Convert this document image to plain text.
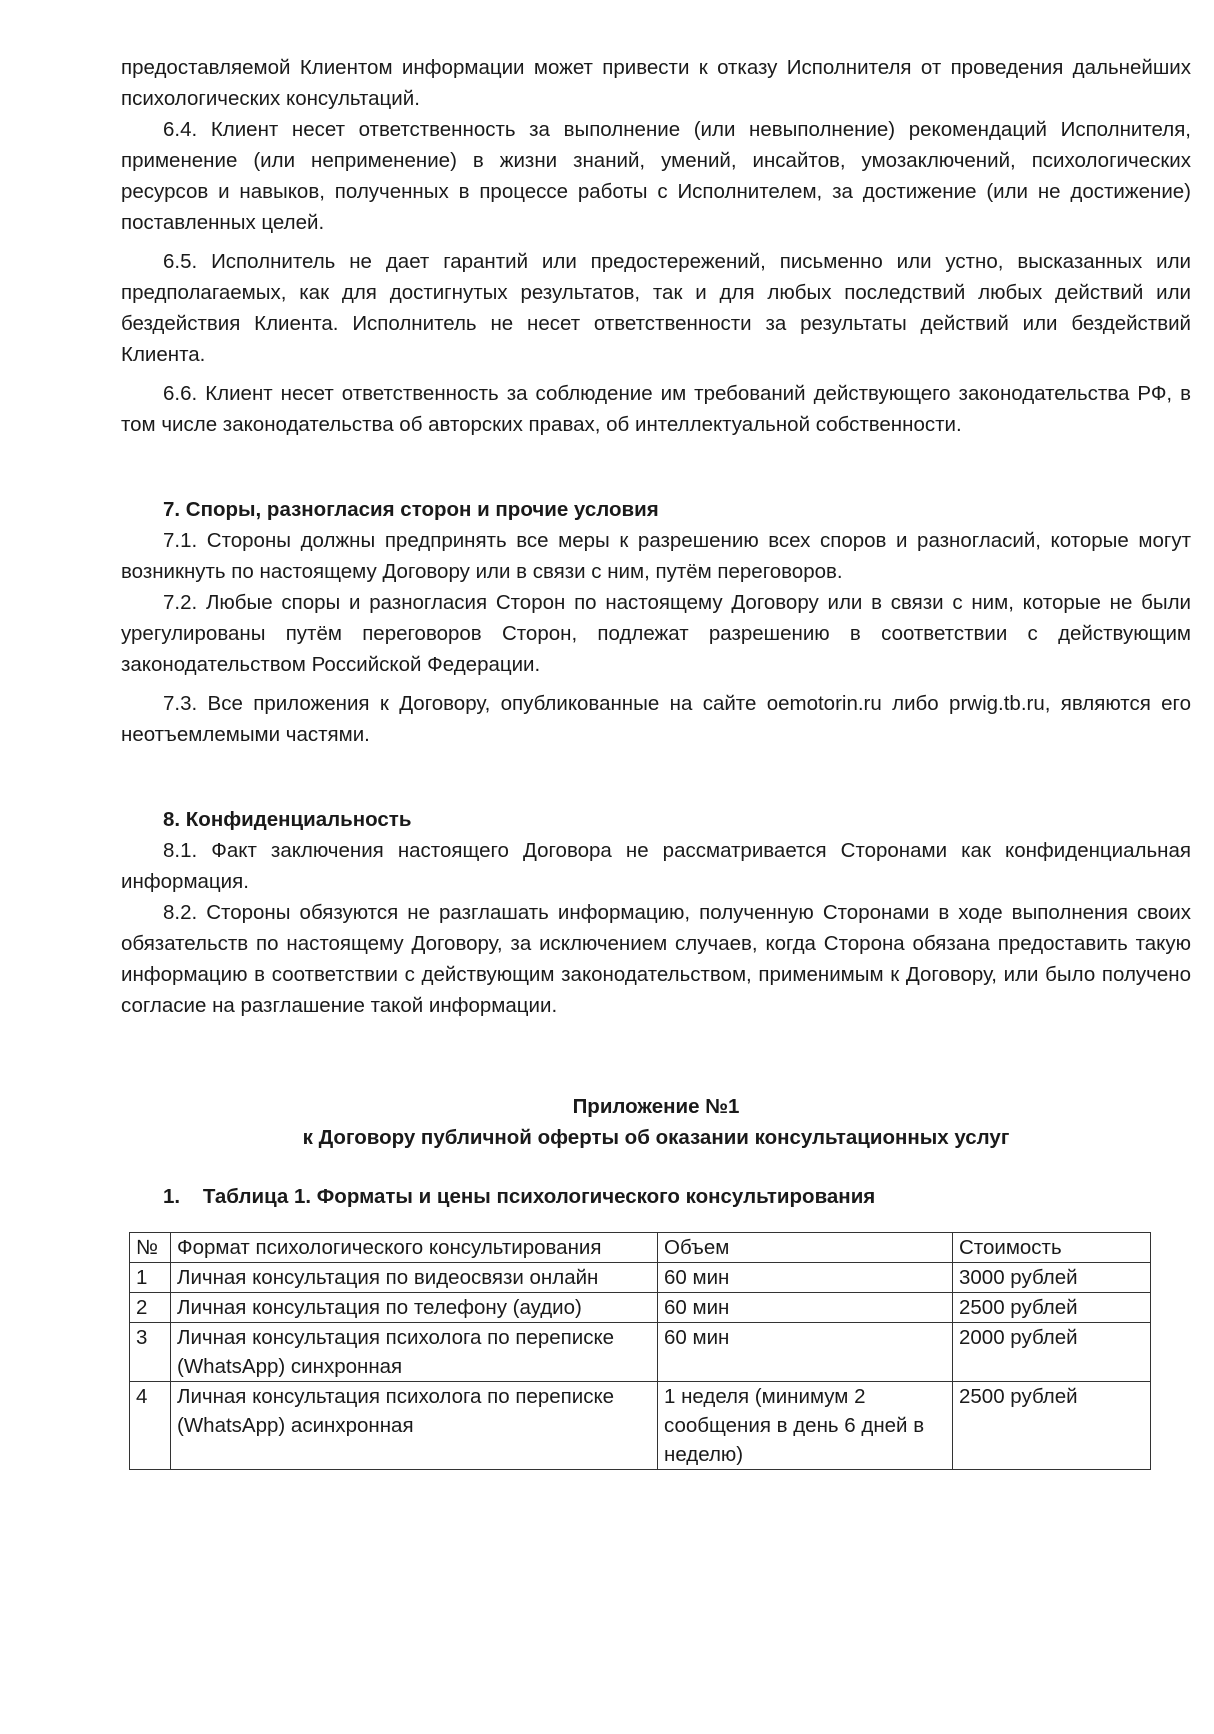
предоставляемой Клиентом информации может привести к отказу Исполнителя от проведения дальнейших психологических консультаций.

6.4. Клиент несет ответственность за выполнение (или невыполнение) рекомендаций Исполнителя, применение (или неприменение) в жизни знаний, умений, инсайтов, умозаключений, психологических ресурсов и навыков, полученных в процессе работы с Исполнителем, за достижение (или не достижение) поставленных целей.

6.5. Исполнитель не дает гарантий или предостережений, письменно или устно, высказанных или предполагаемых, как для достигнутых результатов, так и для любых последствий любых действий или бездействия Клиента. Исполнитель не несет ответственности за результаты действий или бездействий Клиента.

6.6. Клиент несет ответственность за соблюдение им требований действующего законодательства РФ, в том числе законодательства об авторских правах, об интеллектуальной собственности.

7. Споры, разногласия сторон и прочие условия

7.1. Стороны должны предпринять все меры к разрешению всех споров и разногласий, которые могут возникнуть по настоящему Договору или в связи с ним, путём переговоров.

7.2. Любые споры и разногласия Сторон по настоящему Договору или в связи с ним, которые не были урегулированы путём переговоров Сторон, подлежат разрешению в соответствии с действующим законодательством Российской Федерации.

7.3. Все приложения к Договору, опубликованные на сайте oemotorin.ru либо prwig.tb.ru, являются его неотъемлемыми частями.

8. Конфиденциальность

8.1. Факт заключения настоящего Договора не рассматривается Сторонами как конфиденциальная информация.

8.2. Стороны обязуются не разглашать информацию, полученную Сторонами в ходе выполнения своих обязательств по настоящему Договору, за исключением случаев, когда Сторона обязана предоставить такую информацию в соответствии с действующим законодательством, применимым к Договору, или было получено согласие на разглашение такой информации.

Приложение №1

к Договору публичной оферты об оказании консультационных услуг

1.    Таблица 1. Форматы и цены психологического консультирования

№	Формат психологического консультирования	Объем	Стоимость
1	Личная консультация по видеосвязи онлайн	60 мин	3000 рублей
2	Личная консультация по телефону (аудио)	60 мин	2500 рублей
3	Личная консультация психолога по переписке (WhatsApp) синхронная	60 мин	2000 рублей
4	Личная консультация психолога по переписке (WhatsApp) асинхронная	1 неделя (минимум 2 сообщения в день 6 дней в неделю)	2500 рублей
